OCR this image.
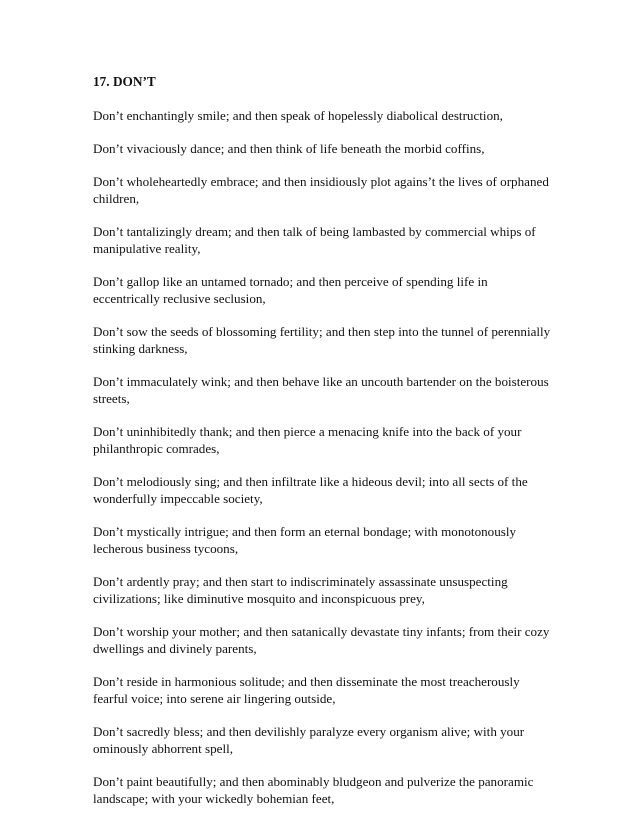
17. DON’T

Don’t enchantingly smile; and then speak of hopelessly diabolical destruction,

Don’t vivaciously dance; and then think of life beneath the morbid coffins,

Don’t wholeheartedly embrace; and then insidiously plot agains’t the lives of orphaned children,

Don’t tantalizingly dream; and then talk of being lambasted by commercial whips of manipulative reality,

Don’t gallop like an untamed tornado; and then perceive of spending life in eccentrically reclusive seclusion,

Don’t sow the seeds of blossoming fertility; and then step into the tunnel of perennially stinking darkness,

Don’t immaculately wink; and then behave like an uncouth bartender on the boisterous streets,

Don’t uninhibitedly thank; and then pierce a menacing knife into the back of your philanthropic comrades,

Don’t melodiously sing; and then infiltrate like a hideous devil; into all sects of the wonderfully impeccable society,

Don’t mystically intrigue; and then form an eternal bondage; with monotonously lecherous business tycoons,

Don’t ardently pray; and then start to indiscriminately assassinate unsuspecting civilizations; like diminutive mosquito and inconspicuous prey,

Don’t worship your mother; and then satanically devastate tiny infants; from their cozy dwellings and divinely parents,

Don’t reside in harmonious solitude; and then disseminate the most treacherously fearful voice; into serene air lingering outside,

Don’t sacredly bless; and then devilishly paralyze every organism alive; with your ominously abhorrent spell,

Don’t paint beautifully; and then abominably bludgeon and pulverize the panoramic landscape; with your wickedly bohemian feet,
